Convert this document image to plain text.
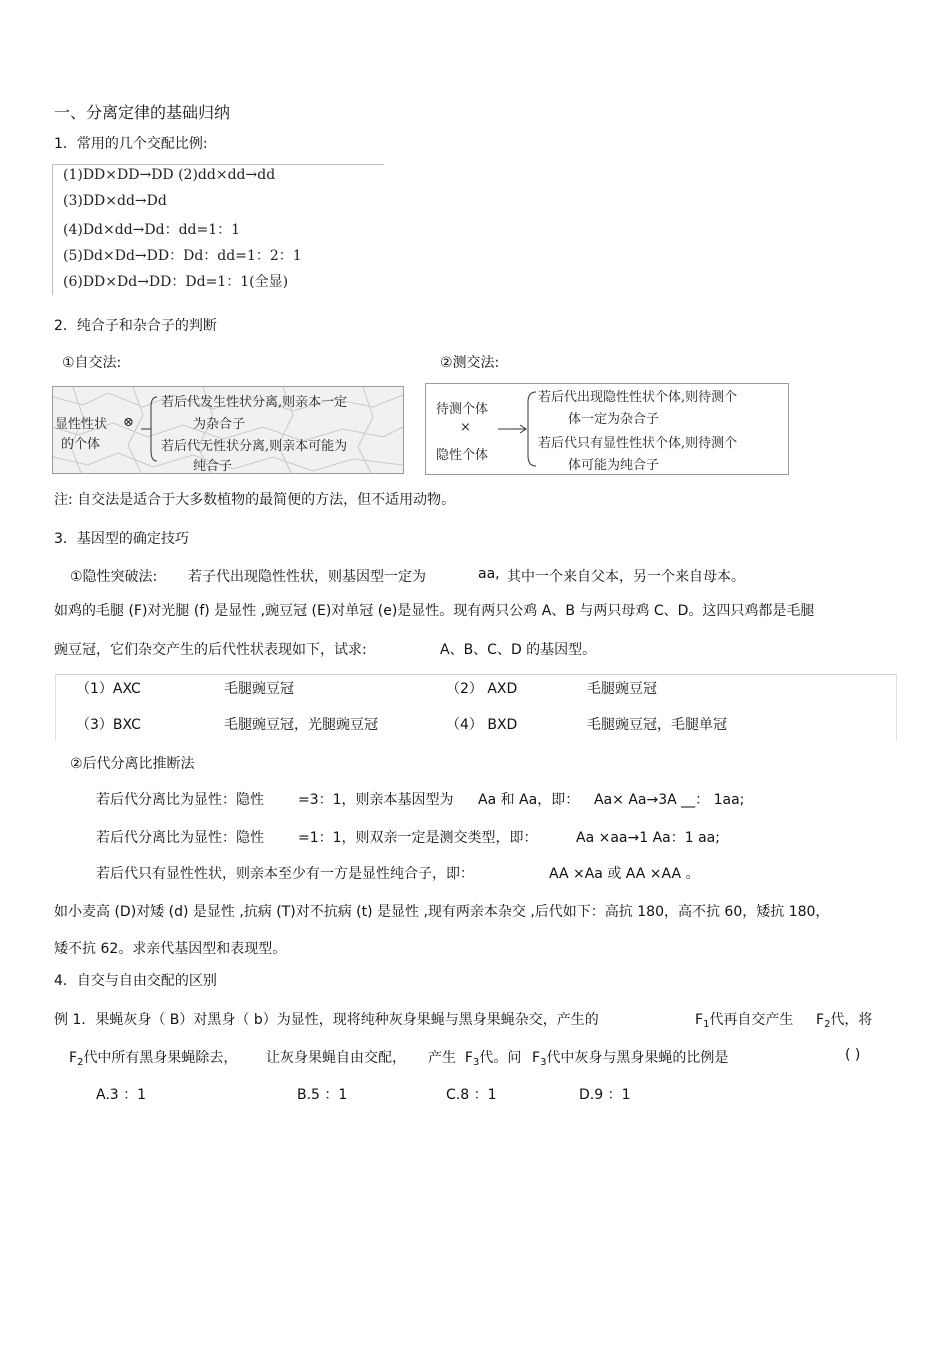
一、分离定律的基础归纳
1．常用的几个交配比例:
(1)DD×DD→DD (2)dd×dd→dd
(3)DD×dd→Dd
(4)Dd×dd→Dd：dd=1：1
(5)Dd×Dd→DD：Dd：dd=1：2：1
(6)DD×Dd→DD：Dd=1：1(全显)
2．纯合子和杂合子的判断
①自交法:	②测交法:
显性性状 ⊗
的个体
若后代发生性状分离,则亲本一定
为杂合子
若后代无性状分离,则亲本可能为
纯合子
待测个体
×
隐性个体
若后代出现隐性性状个体,则待测个
体一定为杂合子
若后代只有显性性状个体,则待测个
体可能为纯合子
注: 自交法是适合于大多数植物的最简便的方法，但不适用动物。
3．基因型的确定技巧
①隐性突破法: 若子代出现隐性性状，则基因型一定为	aa, 其中一个来自父本，另一个来自母本。
如鸡的毛腿 (F)对光腿 (f) 是显性 ,豌豆冠 (E)对单冠 (e)是显性。现有两只公鸡 A、B 与两只母鸡 C、D。这四只鸡都是毛腿
豌豆冠，它们杂交产生的后代性状表现如下，试求:	A、B、C、D 的基因型。
（1）AXC	毛腿豌豆冠	（2） AXD	毛腿豌豆冠
（3）BXC	毛腿豌豆冠，光腿豌豆冠	（4） BXD	毛腿豌豆冠，毛腿单冠
②后代分离比推断法
若后代分离比为显性：隐性 =3：1，则亲本基因型为 Aa 和 Aa，即： Aa× Aa→3A __： 1aa;
若后代分离比为显性：隐性 =1：1，则双亲一定是测交类型，即：	Aa ×aa→1 Aa：1 aa;
若后代只有显性性状，则亲本至少有一方是显性纯合子，即：	AA ×Aa 或 AA ×AA 。
如小麦高 (D)对矮 (d) 是显性 ,抗病 (T)对不抗病 (t) 是显性 ,现有两亲本杂交 ,后代如下：高抗 180，高不抗 60，矮抗 180，
矮不抗 62。求亲代基因型和表现型。
4．自交与自由交配的区别
例 1．果蝇灰身（ B）对黑身（ b）为显性，现将纯种灰身果蝇与黑身果蝇杂交，产生的	$F_1$代再自交产生 $F_2$代，将
$F_2$代中所有黑身果蝇除去， 让灰身果蝇自由交配， 产生 $F_3$代。问 $F_3$代中灰身与黑身果蝇的比例是	( )
A.3 ：1	B.5 ：1	C.8 ：1	D.9 ：1
